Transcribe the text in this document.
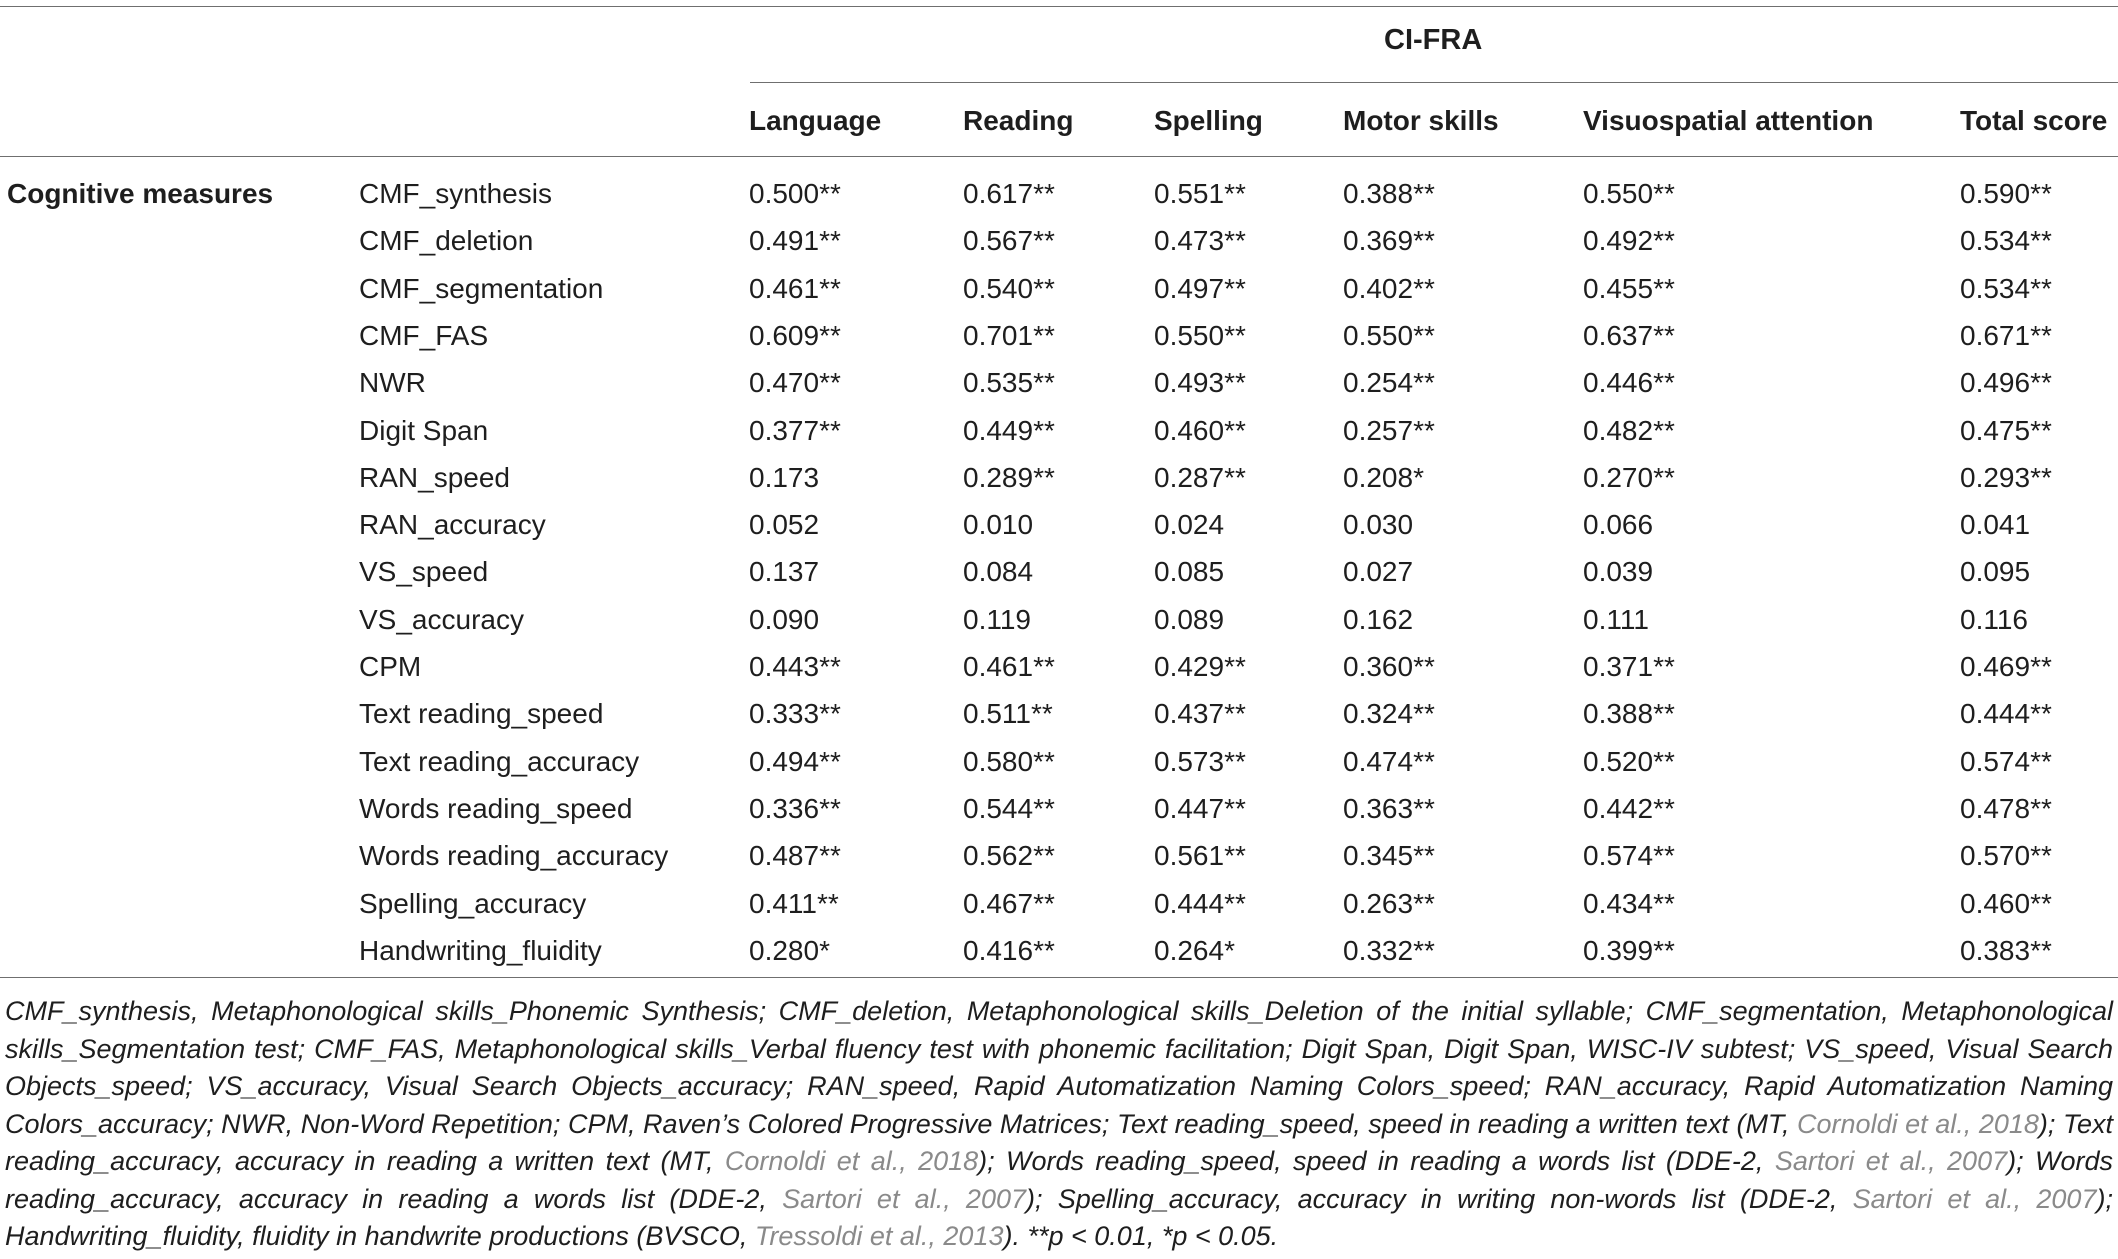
CI-FRA
Language	Reading	Spelling	Motor skills	Visuospatial attention	Total score
Cognitive measures	CMF_synthesis	0.500**	0.617**	0.551**	0.388**	0.550**	0.590**
CMF_deletion	0.491**	0.567**	0.473**	0.369**	0.492**	0.534**
CMF_segmentation	0.461**	0.540**	0.497**	0.402**	0.455**	0.534**
CMF_FAS	0.609**	0.701**	0.550**	0.550**	0.637**	0.671**
NWR	0.470**	0.535**	0.493**	0.254**	0.446**	0.496**
Digit Span	0.377**	0.449**	0.460**	0.257**	0.482**	0.475**
RAN_speed	0.173	0.289**	0.287**	0.208*	0.270**	0.293**
RAN_accuracy	0.052	0.010	0.024	0.030	0.066	0.041
VS_speed	0.137	0.084	0.085	0.027	0.039	0.095
VS_accuracy	0.090	0.119	0.089	0.162	0.111	0.116
CPM	0.443**	0.461**	0.429**	0.360**	0.371**	0.469**
Text reading_speed	0.333**	0.511**	0.437**	0.324**	0.388**	0.444**
Text reading_accuracy	0.494**	0.580**	0.573**	0.474**	0.520**	0.574**
Words reading_speed	0.336**	0.544**	0.447**	0.363**	0.442**	0.478**
Words reading_accuracy	0.487**	0.562**	0.561**	0.345**	0.574**	0.570**
Spelling_accuracy	0.411**	0.467**	0.444**	0.263**	0.434**	0.460**
Handwriting_fluidity	0.280*	0.416**	0.264*	0.332**	0.399**	0.383**
CMF_synthesis, Metaphonological skills_Phonemic Synthesis; CMF_deletion, Metaphonological skills_Deletion of the initial syllable; CMF_segmentation, Metaphonological skills_Segmentation test; CMF_FAS, Metaphonological skills_Verbal fluency test with phonemic facilitation; Digit Span, Digit Span, WISC-IV subtest; VS_speed, Visual Search Objects_speed; VS_accuracy, Visual Search Objects_accuracy; RAN_speed, Rapid Automatization Naming Colors_speed; RAN_accuracy, Rapid Automatization Naming Colors_accuracy; NWR, Non-Word Repetition; CPM, Raven’s Colored Progressive Matrices; Text reading_speed, speed in reading a written text (MT, Cornoldi et al., 2018); Text reading_accuracy, accuracy in reading a written text (MT, Cornoldi et al., 2018); Words reading_speed, speed in reading a words list (DDE-2, Sartori et al., 2007); Words reading_accuracy, accuracy in reading a words list (DDE-2, Sartori et al., 2007); Spelling_accuracy, accuracy in writing non-words list (DDE-2, Sartori et al., 2007); Handwriting_fluidity, fluidity in handwrite productions (BVSCO, Tressoldi et al., 2013). **p < 0.01, *p < 0.05.
